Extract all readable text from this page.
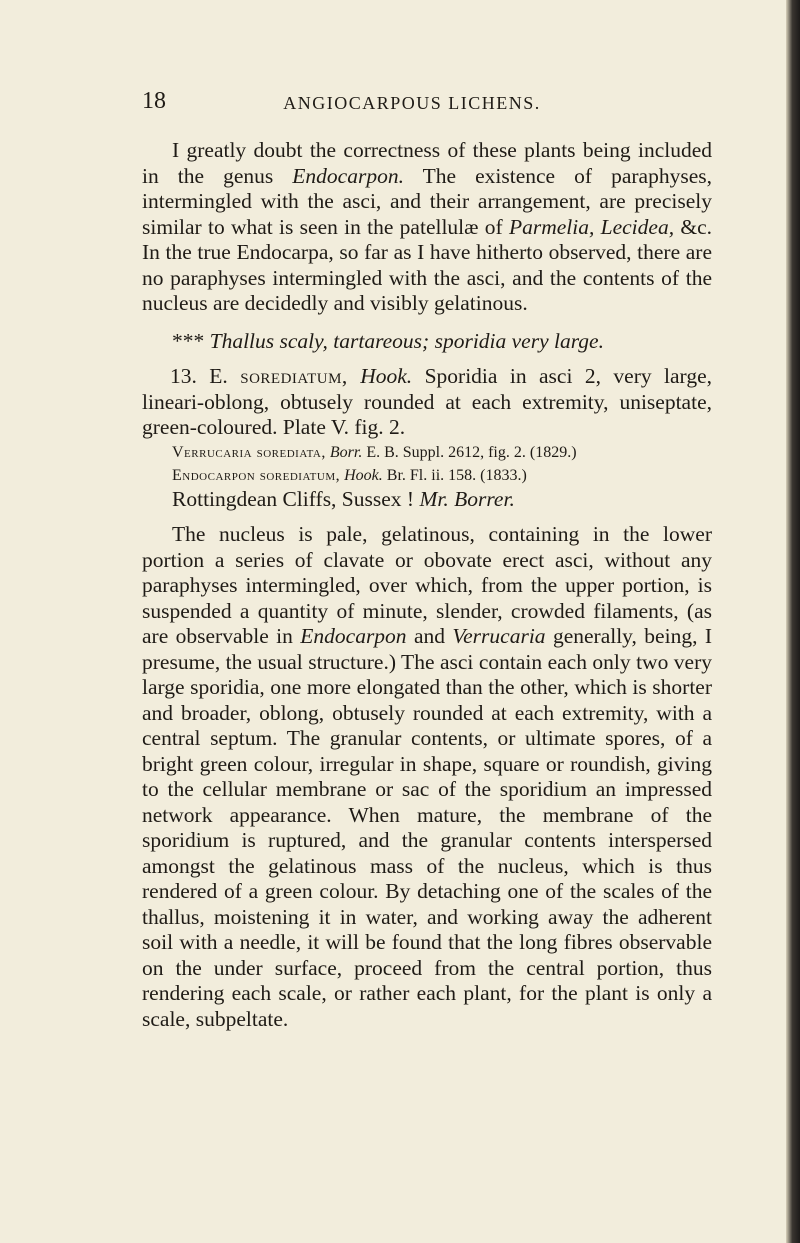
18	ANGIOCARPOUS LICHENS.

I greatly doubt the correctness of these plants being included in the genus Endocarpon. The existence of paraphyses, intermingled with the asci, and their arrangement, are precisely similar to what is seen in the patellulæ of Parmelia, Lecidea, &c. In the true Endocarpa, so far as I have hitherto observed, there are no paraphyses intermingled with the asci, and the contents of the nucleus are decidedly and visibly gelatinous.

*** Thallus scaly, tartareous; sporidia very large.

13. E. sorediatum, Hook. Sporidia in asci 2, very large, lineari-oblong, obtusely rounded at each extremity, uniseptate, green-coloured. Plate V. fig. 2.

Verrucaria sorediata, Borr. E. B. Suppl. 2612, fig. 2. (1829.)

Endocarpon sorediatum, Hook. Br. Fl. ii. 158. (1833.)

Rottingdean Cliffs, Sussex ! Mr. Borrer.

The nucleus is pale, gelatinous, containing in the lower portion a series of clavate or obovate erect asci, without any paraphyses intermingled, over which, from the upper portion, is suspended a quantity of minute, slender, crowded filaments, (as are observable in Endocarpon and Verrucaria generally, being, I presume, the usual structure.) The asci contain each only two very large sporidia, one more elongated than the other, which is shorter and broader, oblong, obtusely rounded at each extremity, with a central septum. The granular contents, or ultimate spores, of a bright green colour, irregular in shape, square or roundish, giving to the cellular membrane or sac of the sporidium an impressed network appearance. When mature, the membrane of the sporidium is ruptured, and the granular contents interspersed amongst the gelatinous mass of the nucleus, which is thus rendered of a green colour. By detaching one of the scales of the thallus, moistening it in water, and working away the adherent soil with a needle, it will be found that the long fibres observable on the under surface, proceed from the central portion, thus rendering each scale, or rather each plant, for the plant is only a scale, subpeltate.
